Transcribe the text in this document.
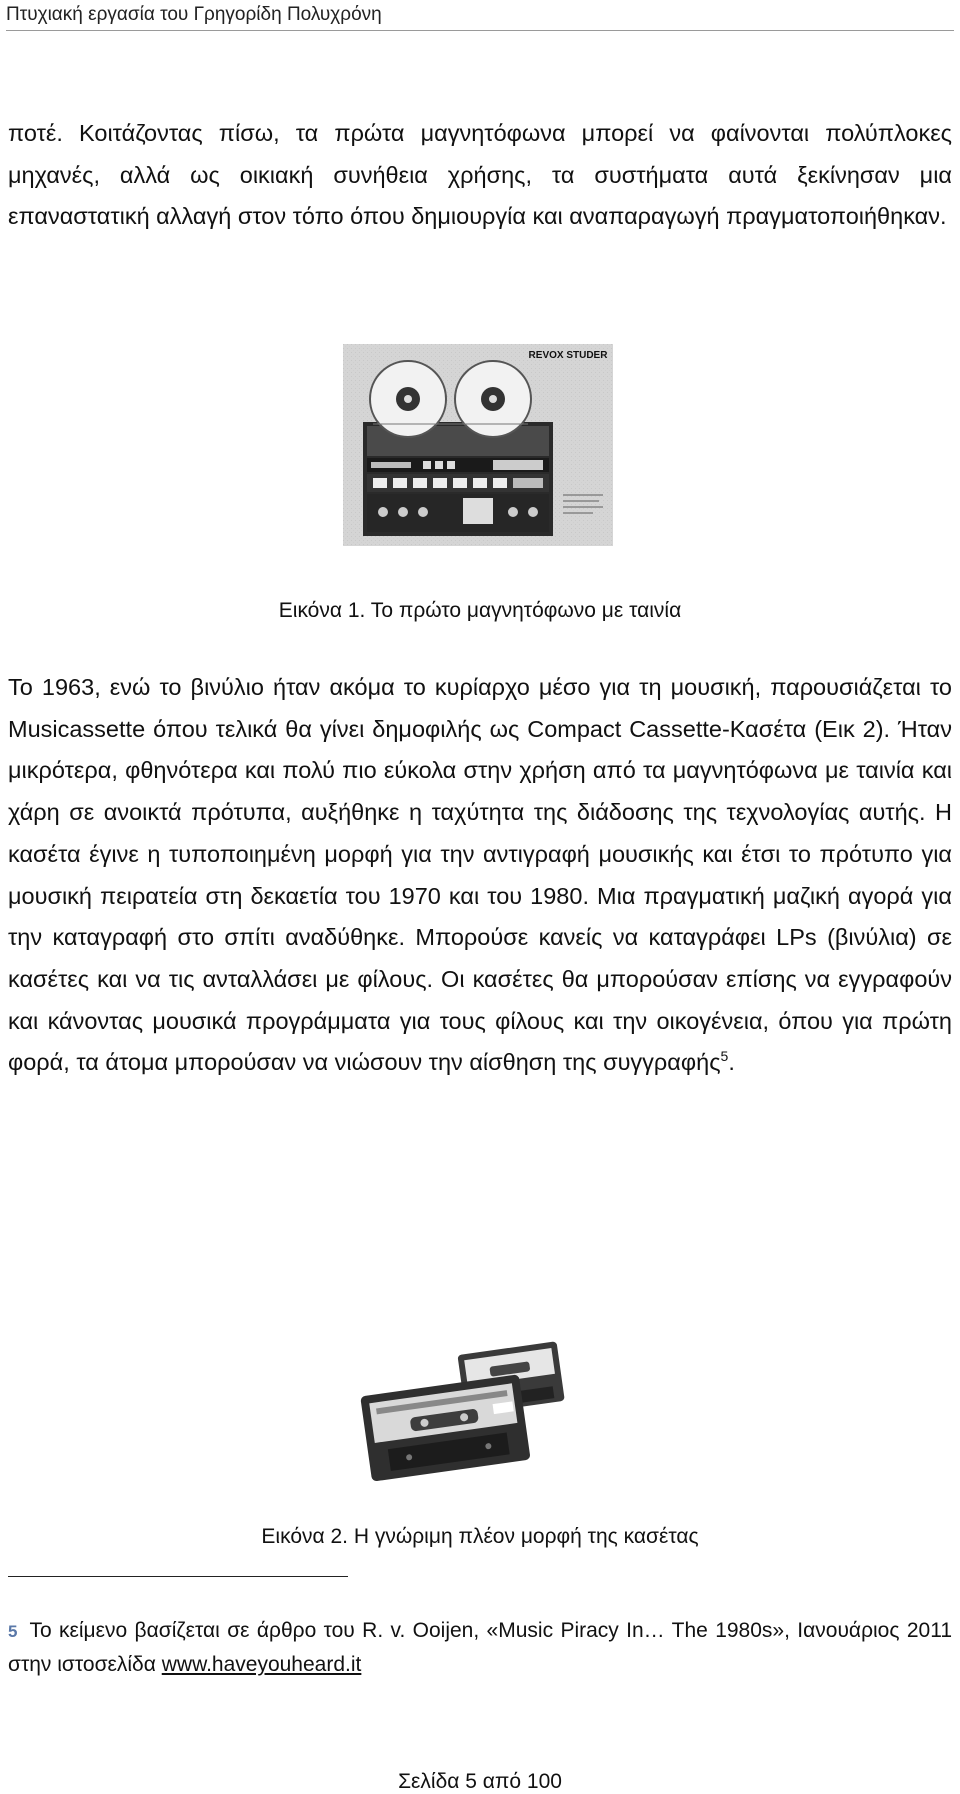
Πτυχιακή εργασία του Γρηγορίδη Πολυχρόνη

ποτέ. Κοιτάζοντας πίσω, τα πρώτα μαγνητόφωνα μπορεί να φαίνονται πολύπλοκες μηχανές, αλλά ως οικιακή συνήθεια χρήσης, τα συστήματα αυτά ξεκίνησαν μια επαναστατική αλλαγή στον τόπο όπου δημιουργία και αναπαραγωγή πραγματοποιήθηκαν.

REVOX STUDER
Εικόνα 1. Το πρώτο μαγνητόφωνο με ταινία

Το 1963, ενώ το βινύλιο ήταν ακόμα το κυρίαρχο μέσο για τη μουσική, παρουσιάζεται το Musicassette όπου τελικά θα γίνει δημοφιλής ως Compact Cassette-Κασέτα (Εικ 2). Ήταν μικρότερα, φθηνότερα και πολύ πιο εύκολα στην χρήση από τα μαγνητόφωνα με ταινία και χάρη σε ανοικτά πρότυπα, αυξήθηκε η ταχύτητα της διάδοσης της τεχνολογίας αυτής. Η κασέτα έγινε η τυποποιημένη μορφή για την αντιγραφή μουσικής και έτσι το πρότυπο για μουσική πειρατεία στη δεκαετία του 1970 και του 1980. Μια πραγματική μαζική αγορά για την καταγραφή στο σπίτι αναδύθηκε. Μπορούσε κανείς να καταγράφει LPs (βινύλια) σε κασέτες και να τις ανταλλάσει με φίλους. Οι κασέτες θα μπορούσαν επίσης να εγγραφούν και κάνοντας μουσικά προγράμματα για τους φίλους και την οικογένεια, όπου για πρώτη φορά, τα άτομα μπορούσαν να νιώσουν την αίσθηση της συγγραφής$^5$.

Εικόνα 2. Η γνώριμη πλέον μορφή της κασέτας

5 Το κείμενο βασίζεται σε άρθρο του R. v. Ooijen, «Music Piracy In… The 1980s», Ιανουάριος 2011 στην ιστοσελίδα www.haveyouheard.it

Σελίδα 5 από 100
